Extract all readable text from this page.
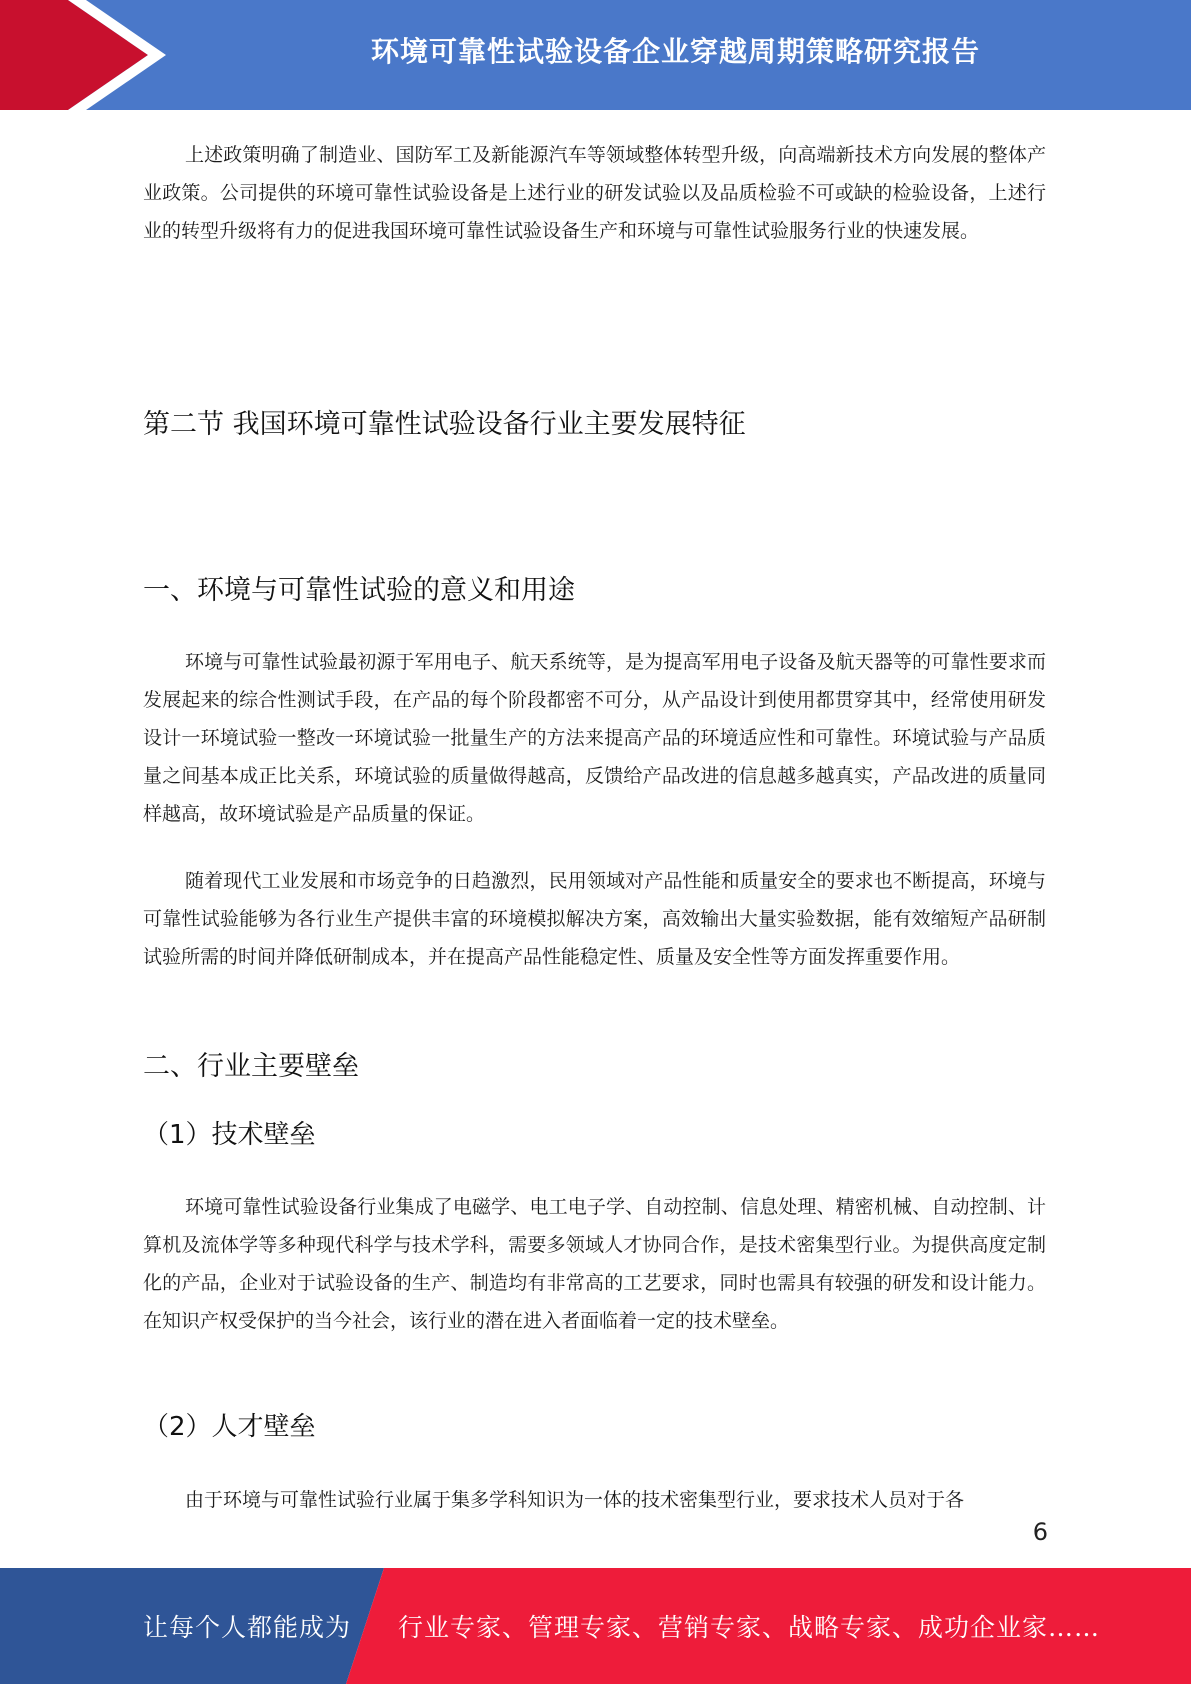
环境可靠性试验设备企业穿越周期策略研究报告

上述政策明确了制造业、国防军工及新能源汽车等领域整体转型升级，向高端新技术方向发展的整体产业政策。公司提供的环境可靠性试验设备是上述行业的研发试验以及品质检验不可或缺的检验设备，上述行业的转型升级将有力的促进我国环境可靠性试验设备生产和环境与可靠性试验服务行业的快速发展。

第二节 我国环境可靠性试验设备行业主要发展特征
一、环境与可靠性试验的意义和用途

环境与可靠性试验最初源于军用电子、航天系统等，是为提高军用电子设备及航天器等的可靠性要求而发展起来的综合性测试手段，在产品的每个阶段都密不可分，从产品设计到使用都贯穿其中，经常使用研发设计一环境试验一整改一环境试验一批量生产的方法来提高产品的环境适应性和可靠性。环境试验与产品质量之间基本成正比关系，环境试验的质量做得越高，反馈给产品改进的信息越多越真实，产品改进的质量同样越高，故环境试验是产品质量的保证。

随着现代工业发展和市场竞争的日趋激烈，民用领域对产品性能和质量安全的要求也不断提高，环境与可靠性试验能够为各行业生产提供丰富的环境模拟解决方案，高效输出大量实验数据，能有效缩短产品研制试验所需的时间并降低研制成本，并在提高产品性能稳定性、质量及安全性等方面发挥重要作用。

二、行业主要壁垒
（1）技术壁垒

环境可靠性试验设备行业集成了电磁学、电工电子学、自动控制、信息处理、精密机械、自动控制、计算机及流体学等多种现代科学与技术学科，需要多领域人才协同合作，是技术密集型行业。为提供高度定制化的产品，企业对于试验设备的生产、制造均有非常高的工艺要求，同时也需具有较强的研发和设计能力。在知识产权受保护的当今社会，该行业的潜在进入者面临着一定的技术壁垒。

（2）人才壁垒

由于环境与可靠性试验行业属于集多学科知识为一体的技术密集型行业，要求技术人员对于各

6
让每个人都能成为 行业专家、管理专家、营销专家、战略专家、成功企业家……
